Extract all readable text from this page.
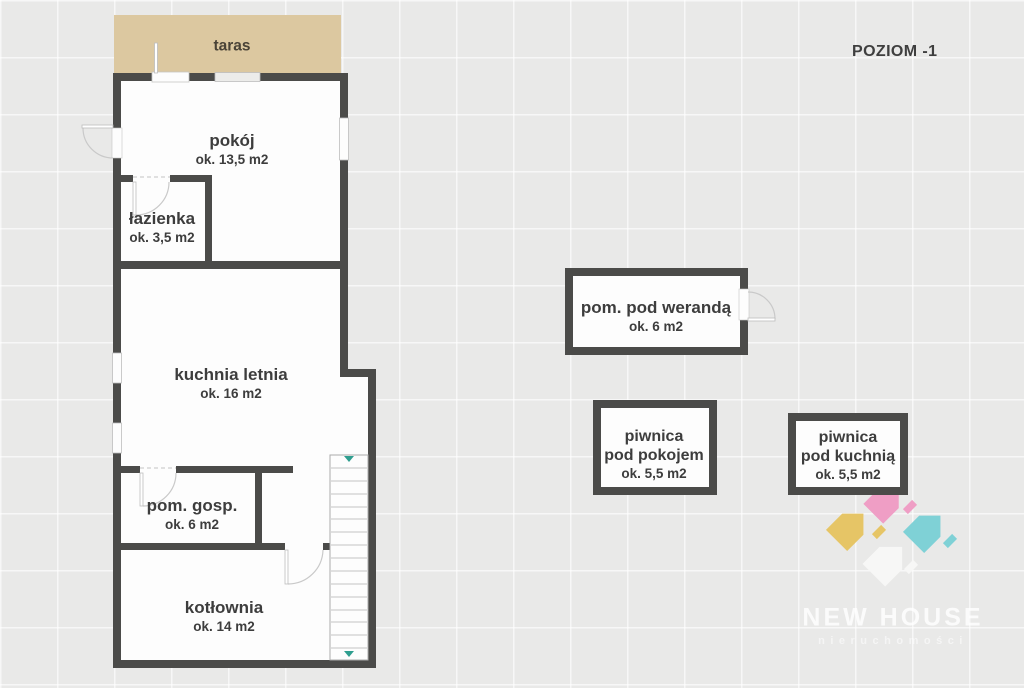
taras
pokój
ok. 13,5 m2
łazienka
ok. 3,5 m2
kuchnia letnia
ok. 16 m2
pom. gosp.
ok. 6 m2
kotłownia
ok. 14 m2
pom. pod werandą
ok. 6 m2
piwnica
pod pokojem
ok. 5,5 m2
piwnica
pod kuchnią
ok. 5,5 m2
POZIOM -1
NEW HOUSE
nieruchomości
